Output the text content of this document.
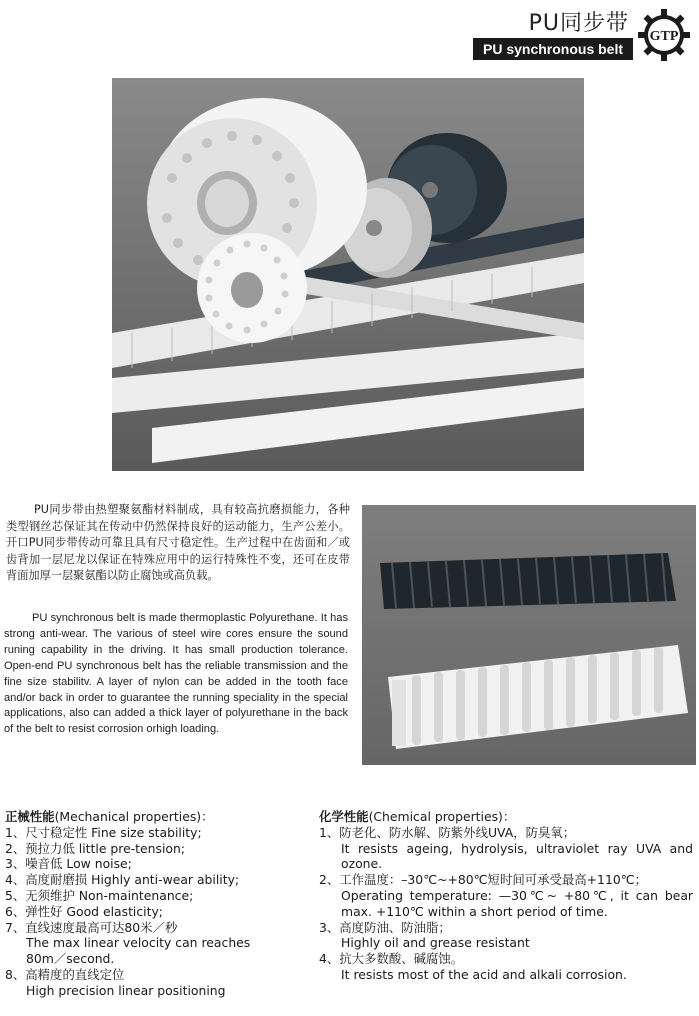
PU同步带
PU synchronous belt
GTP
PU同步带由热塑聚氨酯材料制成，具有较高抗磨损能力，各种类型钢丝芯保证其在传动中仍然保持良好的运动能力，生产公差小。开口PU同步带传动可靠且具有尺寸稳定性。生产过程中在齿面和／或齿背加一层尼龙以保证在特殊应用中的运行特殊性不变，还可在皮带背面加厚一层聚氨酯以防止腐蚀或高负载。
PU synchronous belt is made thermoplastic Polyurethane. It has strong anti-wear. The various of steel wire cores ensure the sound runing capability in the driving. It has small production tolerance. Open-end PU synchronous belt has the reliable transmission and the fine size stabilitv. A layer of nylon can be added in the tooth face and/or back in order to guarantee the running speciality in the special applications, also can added a thick layer of polyurethane in the back of the belt to resist corrosion orhigh loading.
正械性能(Mechanical properties)：

1、尺寸稳定性 Fine size stability;

2、预拉力低 little pre-tension;

3、噪音低 Low noise;

4、高度耐磨损 Highly anti-wear ability;

5、无须维护 Non-maintenance;

6、弹性好 Good elasticity;

7、直线速度最高可达80米／秒

The max linear velocity can reaches

80m／second.

8、高精度的直线定位

High precision linear positioning

化学性能(Chemical properties)：

1、防老化、防水解、防紫外线UVA，防臭氧；

It resists ageing, hydrolysis, ultraviolet ray UVA and ozone.

2、工作温度：–30℃~+80℃短时间可承受最高+110℃；

Operating temperature: —30℃~ +80℃, it can bear max. +110℃ within a short period of time.

3、高度防油、防油脂；

Highly oil and grease resistant

4、抗大多数酸、碱腐蚀。

It resists most of the acid and alkali corrosion.
